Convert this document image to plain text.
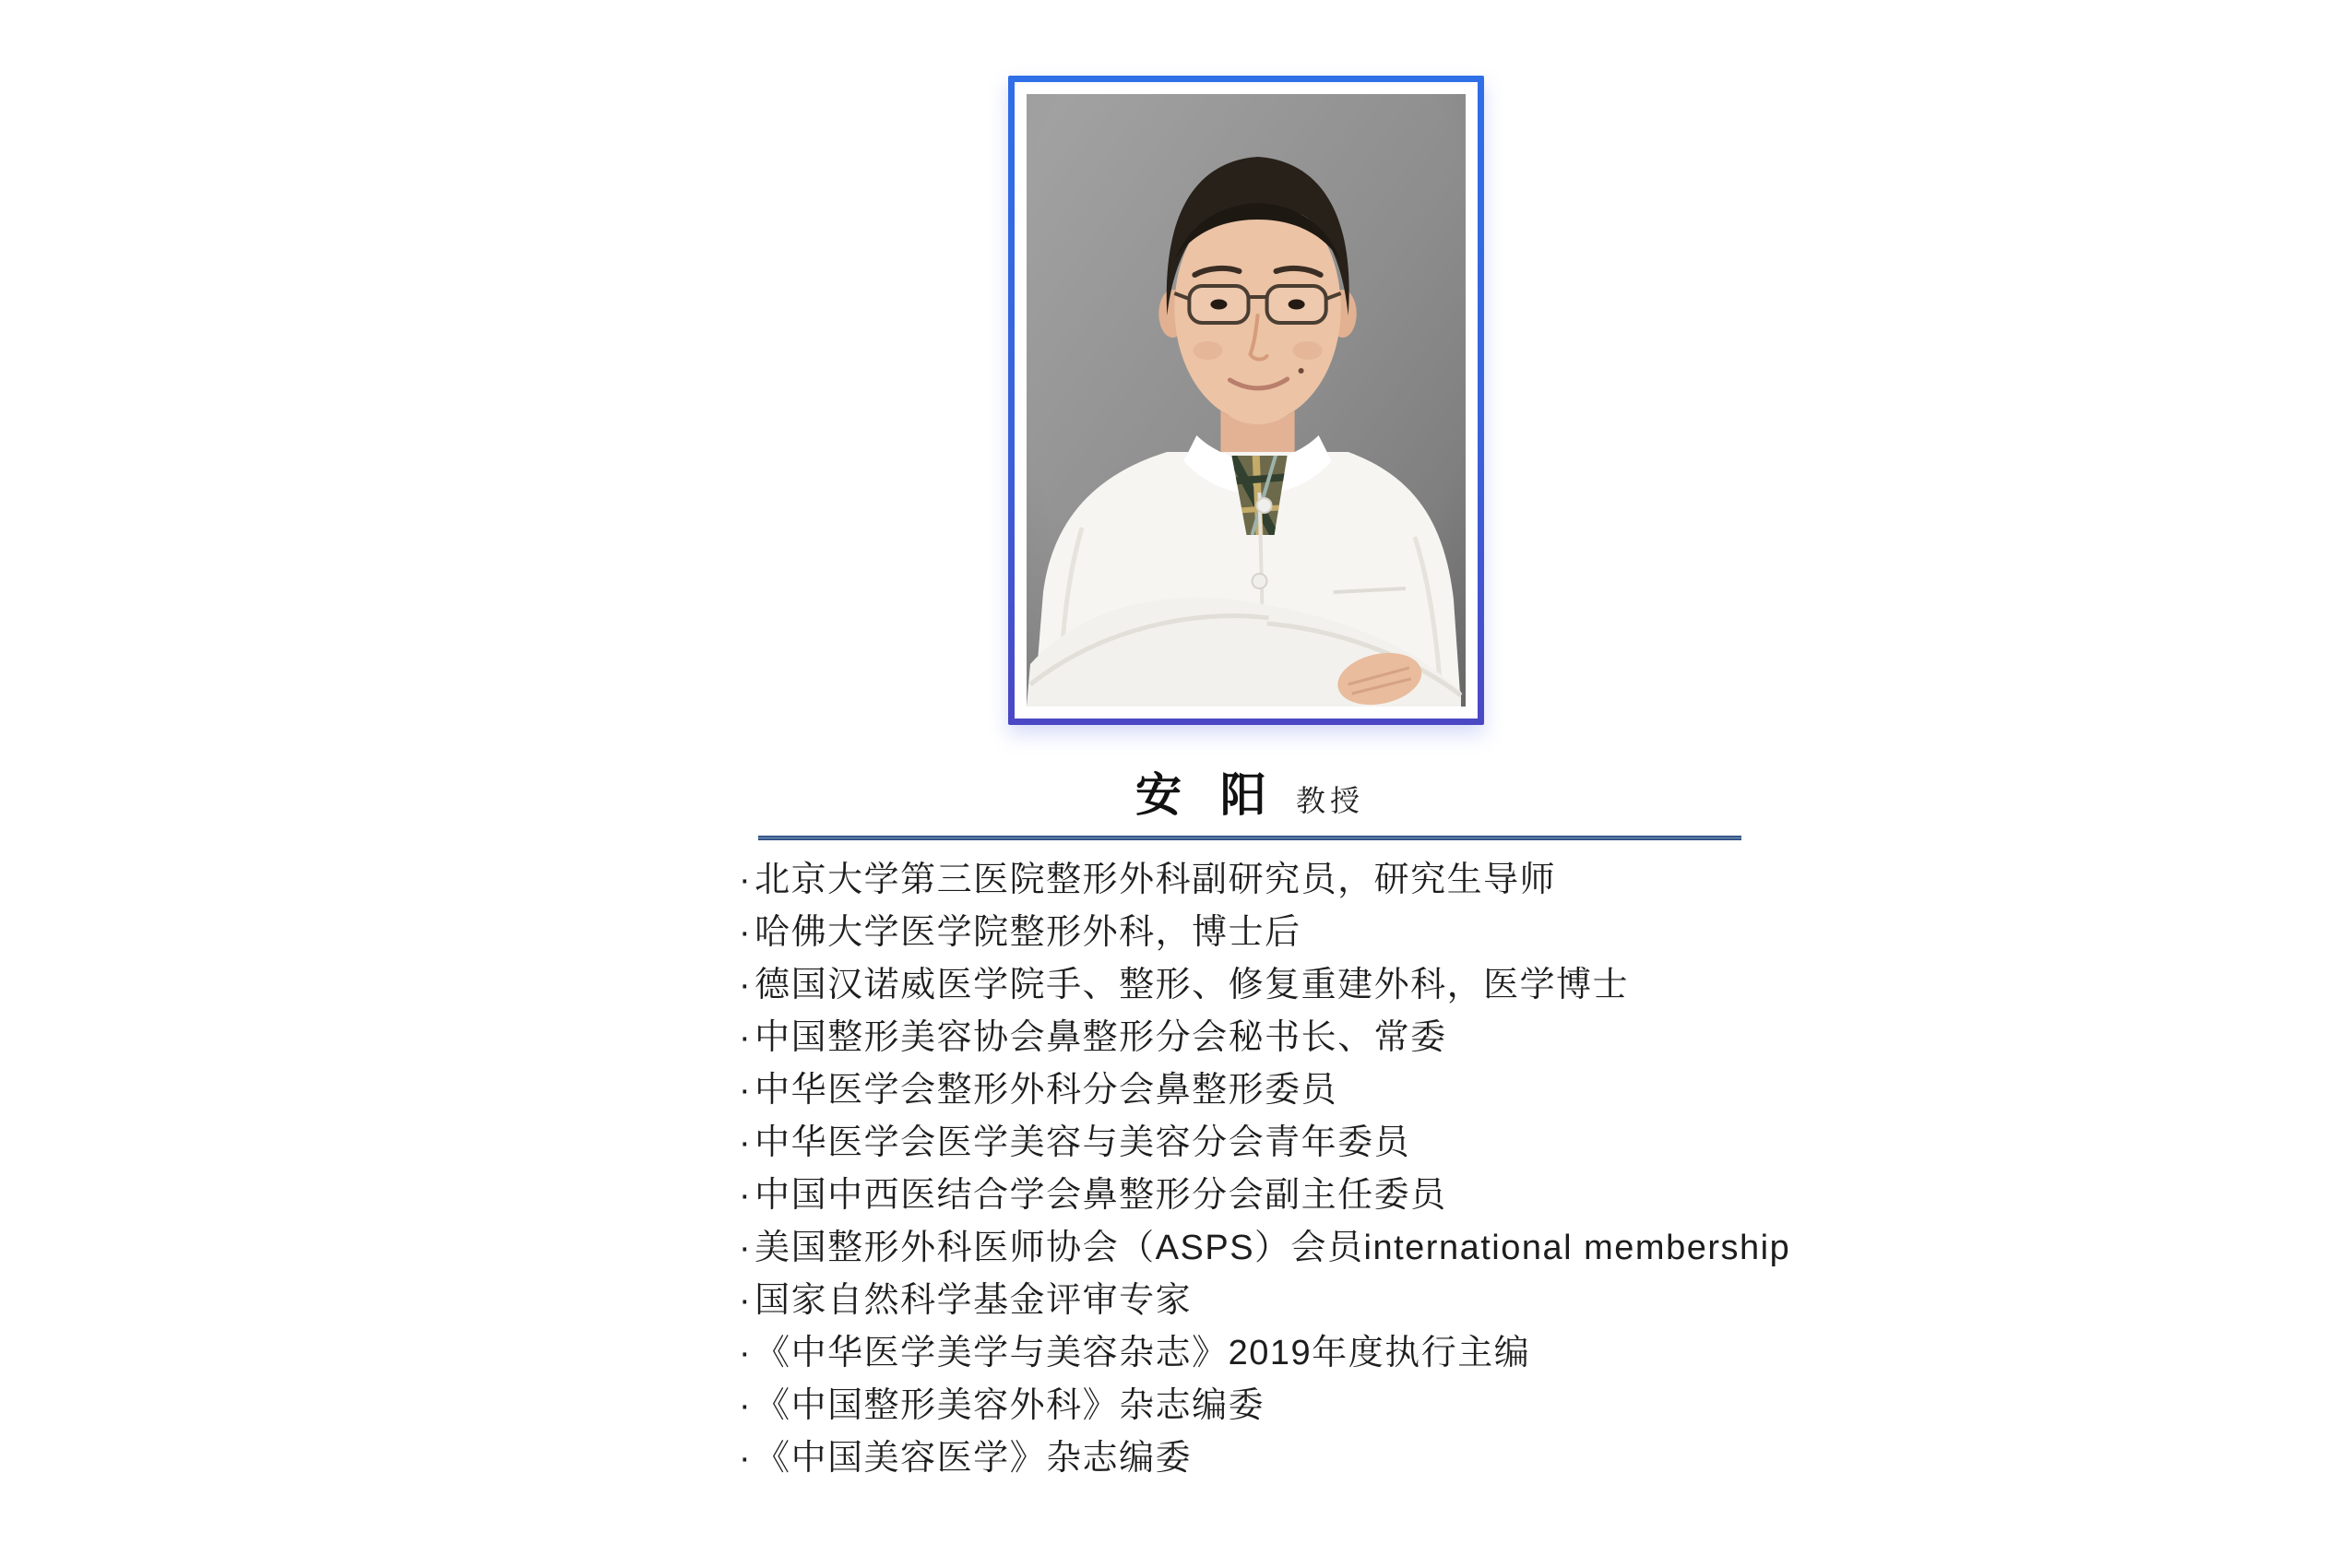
安 阳 教授
·北京大学第三医院整形外科副研究员，研究生导师
·哈佛大学医学院整形外科，博士后
·德国汉诺威医学院手、整形、修复重建外科，医学博士
·中国整形美容协会鼻整形分会秘书长、常委
·中华医学会整形外科分会鼻整形委员
·中华医学会医学美容与美容分会青年委员
·中国中西医结合学会鼻整形分会副主任委员
·美国整形外科医师协会（ASPS）会员international membership
·国家自然科学基金评审专家
·《中华医学美学与美容杂志》2019年度执行主编
·《中国整形美容外科》杂志编委
·《中国美容医学》杂志编委
